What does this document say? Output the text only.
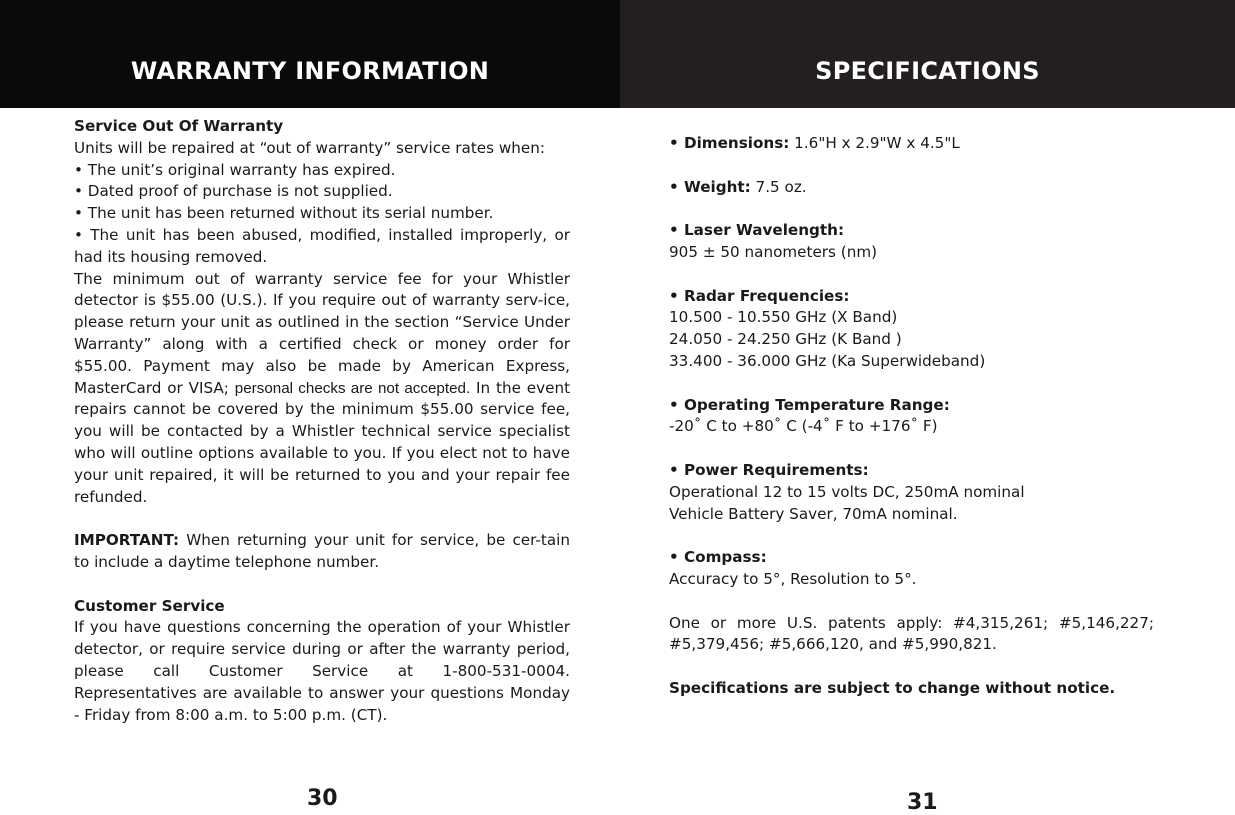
WARRANTY INFORMATION

Service Out Of Warranty

Units will be repaired at “out of warranty” service rates when:

• The unit’s original warranty has expired.

• Dated proof of purchase is not supplied.

• The unit has been returned without its serial number.

• The unit has been abused, modified, installed improperly, or had its housing removed.

The minimum out of warranty service fee for your Whistler detector is $55.00 (U.S.). If you require out of warranty serv-ice, please return your unit as outlined in the section “Service Under Warranty” along with a certified check or money order for $55.00. Payment may also be made by American Express, MasterCard or VISA; personal checks are not accepted. In the event repairs cannot be covered by the minimum $55.00 service fee, you will be contacted by a Whistler technical service specialist who will outline options available to you. If you elect not to have your unit repaired, it will be returned to you and your repair fee refunded.

IMPORTANT: When returning your unit for service, be cer-tain to include a daytime telephone number.

Customer Service

If you have questions concerning the operation of your Whistler detector, or require service during or after the warranty period, please call Customer Service at 1-800-531-0004. Representatives are available to answer your questions Monday - Friday from 8:00 a.m. to 5:00 p.m. (CT).

30
SPECIFICATIONS

• Dimensions: 1.6"H x 2.9"W x 4.5"L

• Weight: 7.5 oz.

• Laser Wavelength:

905 ± 50 nanometers (nm)

• Radar Frequencies:

10.500 - 10.550 GHz (X Band)

24.050 - 24.250 GHz (K Band )

33.400 - 36.000 GHz (Ka Superwideband)

• Operating Temperature Range:

-20˚ C to +80˚ C (-4˚ F to +176˚ F)

• Power Requirements:

Operational 12 to 15 volts DC, 250mA nominal

Vehicle Battery Saver, 70mA nominal.

• Compass:

Accuracy to 5°, Resolution to 5°.

One or more U.S. patents apply: #4,315,261; #5,146,227; #5,379,456; #5,666,120, and #5,990,821.

Specifications are subject to change without notice.

31
